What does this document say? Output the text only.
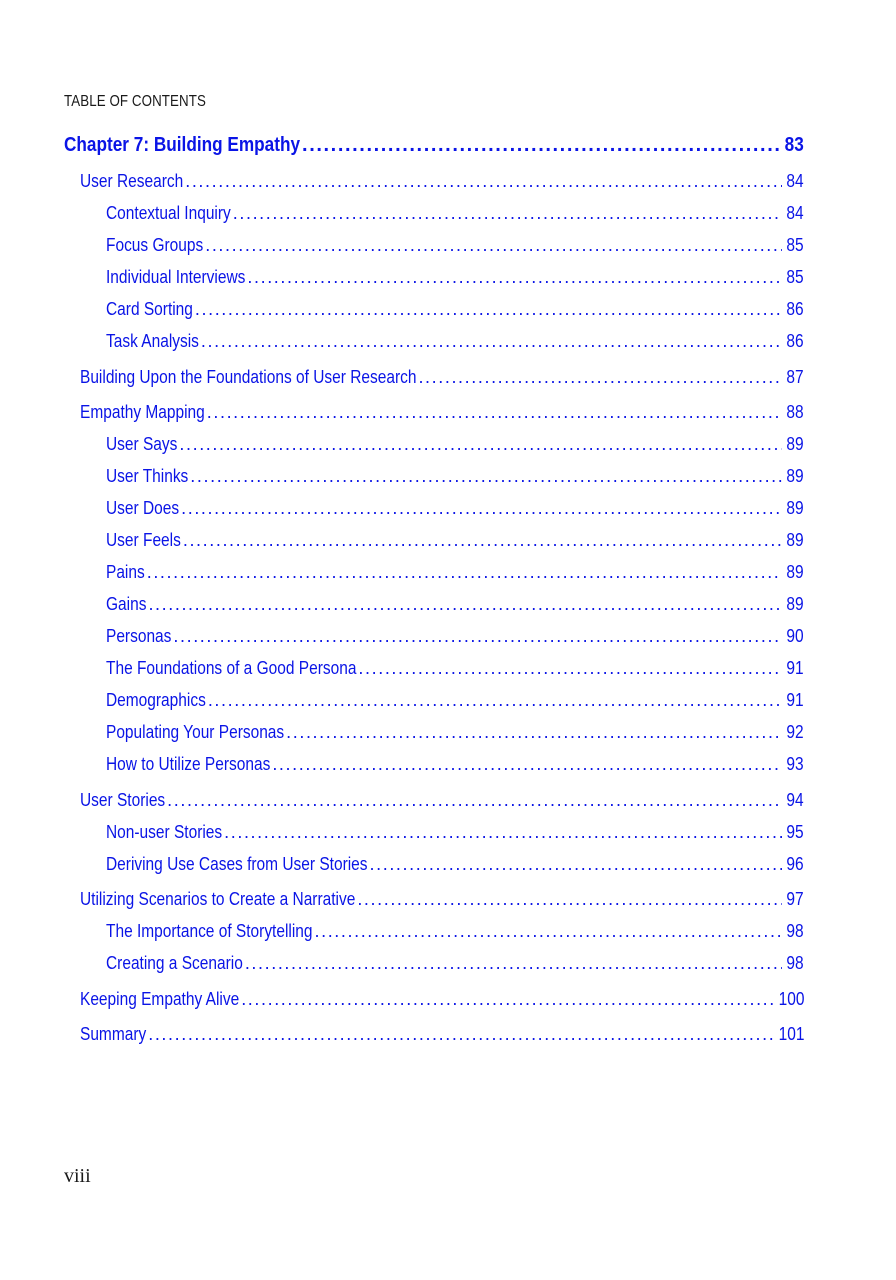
TABLE OF CONTENTS
Chapter 7: Building Empathy .....	83
User Research .....	84
Contextual Inquiry .....	84
Focus Groups .....	85
Individual Interviews .....	85
Card Sorting .....	86
Task Analysis .....	86
Building Upon the Foundations of User Research .....	87
Empathy Mapping .....	88
User Says .....	89
User Thinks .....	89
User Does .....	89
User Feels .....	89
Pains .....	89
Gains .....	89
Personas .....	90
The Foundations of a Good Persona .....	91
Demographics .....	91
Populating Your Personas .....	92
How to Utilize Personas .....	93
User Stories .....	94
Non-user Stories .....	95
Deriving Use Cases from User Stories .....	96
Utilizing Scenarios to Create a Narrative .....	97
The Importance of Storytelling .....	98
Creating a Scenario .....	98
Keeping Empathy Alive .....	100
Summary .....	101
viii
